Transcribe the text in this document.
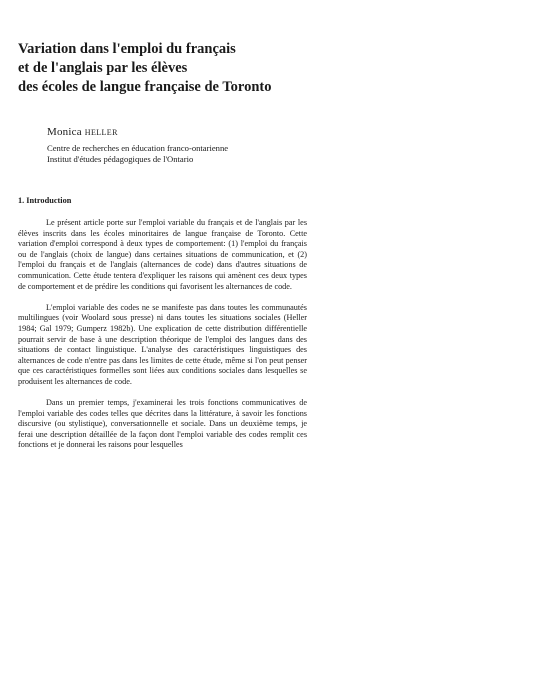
Variation dans l'emploi du français
et de l'anglais par les élèves
des écoles de langue française de Toronto
Monica HELLER
Centre de recherches en éducation franco-ontarienne
Institut d'études pédagogiques de l'Ontario
1. Introduction

Le présent article porte sur l'emploi variable du français et de l'anglais par les élèves inscrits dans les écoles minoritaires de langue française de Toronto. Cette variation d'emploi correspond à deux types de comportement: (1) l'emploi du français ou de l'anglais (choix de langue) dans certaines situations de communication, et (2) l'emploi du français et de l'anglais (alternances de code) dans d'autres situations de communication. Cette étude tentera d'expliquer les raisons qui amènent ces deux types de comportement et de prédire les conditions qui favorisent les alternances de code.

L'emploi variable des codes ne se manifeste pas dans toutes les communautés multilingues (voir Woolard sous presse) ni dans toutes les situations sociales (Heller 1984; Gal 1979; Gumperz 1982b). Une explication de cette distribution différentielle pourrait servir de base à une description théorique de l'emploi des langues dans des situations de contact linguistique. L'analyse des caractéristiques linguistiques des alternances de code n'entre pas dans les limites de cette étude, même si l'on peut penser que ces caractéristiques formelles sont liées aux conditions sociales dans lesquelles se produisent les alternances de code.

Dans un premier temps, j'examinerai les trois fonctions communicatives de l'emploi variable des codes telles que décrites dans la littérature, à savoir les fonctions discursive (ou stylistique), conversationnelle et sociale. Dans un deuxième temps, je ferai une description détaillée de la façon dont l'emploi variable des codes remplit ces fonctions et je donnerai les raisons pour lesquelles
